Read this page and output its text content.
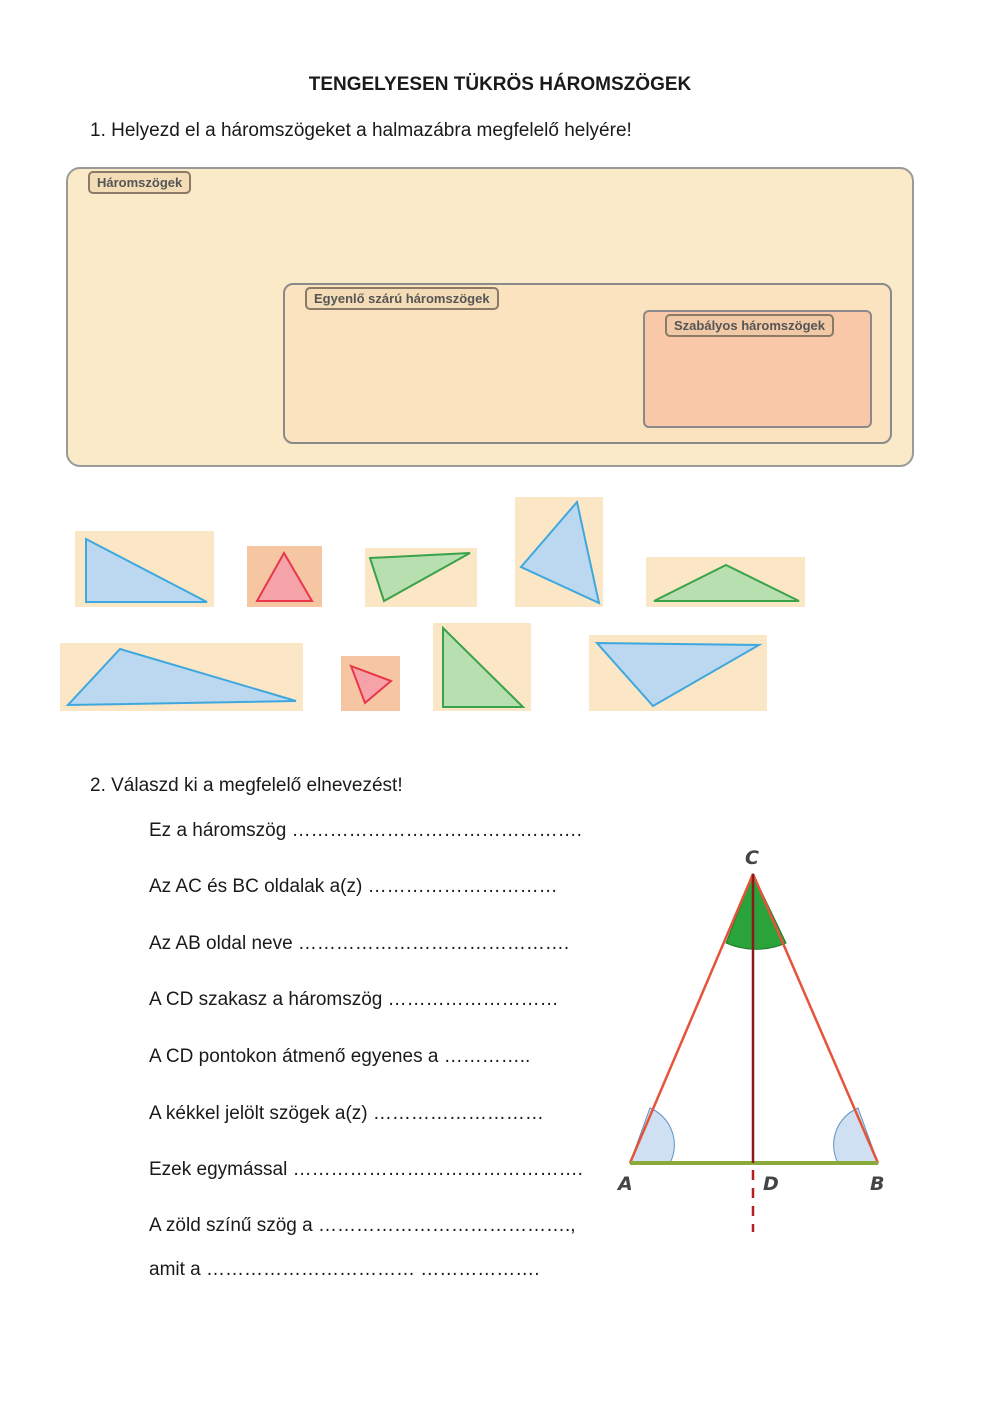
TENGELYESEN TÜKRÖS HÁROMSZÖGEK
1. Helyezd el a háromszögeket a halmazábra megfelelő helyére!
Háromszögek
Egyenlő szárú háromszögek
Szabályos háromszögek
2. Válaszd ki a megfelelő elnevezést!
Ez a háromszög ……………………………………….
Az AC és BC oldalak a(z) …………………………
Az AB oldal neve …………………………………….
A CD szakasz a háromszög ………………………
A CD pontokon átmenő egyenes a …………..
A kékkel jelölt szögek a(z) ………………………
Ezek egymással ……………………………………….
A zöld színű szög a ………………………………….,
amit a …………………………… ……………….
C
A	D	B
